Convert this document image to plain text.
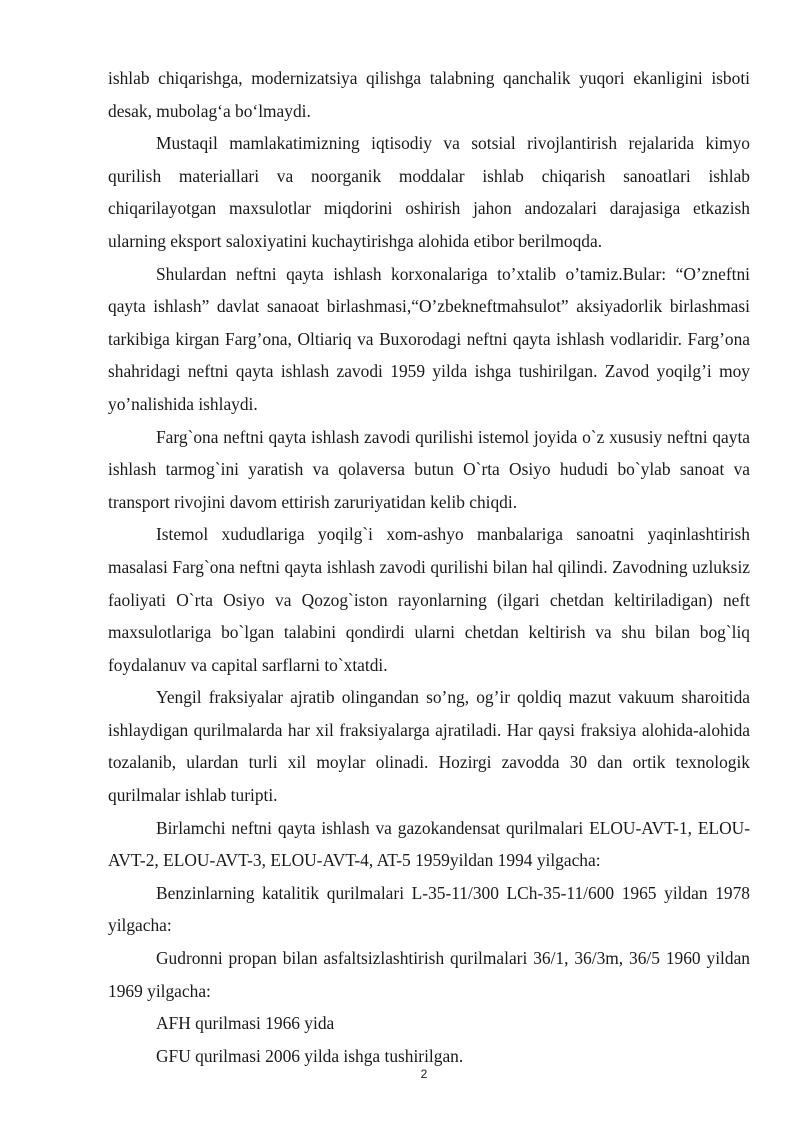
ishlab chiqarishga, modernizatsiya qilishga talabning qanchalik yuqori ekanligini isboti desak, mubolag‘a bo‘lmaydi.

Mustaqil mamlakatimizning iqtisodiy va sotsial rivojlantirish rejalarida kimyo qurilish materiallari va noorganik moddalar ishlab chiqarish sanoatlari ishlab chiqarilayotgan maxsulotlar miqdorini oshirish jahon andozalari darajasiga etkazish ularning eksport saloxiyatini kuchaytirishga alohida etibor berilmoqda.

Shulardan neftni qayta ishlash korxonalariga to’xtalib o’tamiz.Bular: “O’zneftni qayta ishlash” davlat sanaoat birlashmasi,“O’zbekneftmahsulot” aksiyadorlik birlashmasi tarkibiga kirgan Farg’ona, Oltiariq va Buxorodagi neftni qayta ishlash vodlaridir. Farg’ona shahridagi neftni qayta ishlash zavodi 1959 yilda ishga tushirilgan. Zavod yoqilg’i moy yo’nalishida ishlaydi.

Farg`ona neftni qayta ishlash zavodi qurilishi istemol joyida o`z xususiy neftni qayta ishlash tarmog`ini yaratish va qolaversa butun O`rta Osiyo hududi bo`ylab sanoat va transport rivojini davom ettirish zaruriyatidan kelib chiqdi.

Istemol xududlariga yoqilg`i xom-ashyo manbalariga sanoatni yaqinlashtirish masalasi Farg`ona neftni qayta ishlash zavodi qurilishi bilan hal qilindi. Zavodning uzluksiz faoliyati O`rta Osiyo va Qozog`iston rayonlarning (ilgari chetdan keltiriladigan) neft maxsulotlariga bo`lgan talabini qondirdi ularni chetdan keltirish va shu bilan bog`liq foydalanuv va capital sarflarni to`xtatdi.

Yengil fraksiyalar ajratib olingandan so’ng, og’ir qoldiq mazut vakuum sharoitida ishlaydigan qurilmalarda har xil fraksiyalarga ajratiladi. Har qaysi fraksiya alohida-alohida tozalanib, ulardan turli xil moylar olinadi. Hozirgi zavodda 30 dan ortik texnologik qurilmalar ishlab turipti.

Birlamchi neftni qayta ishlash va gazokandensat qurilmalari ELOU-AVT-1, ELOU-AVT-2, ELOU-AVT-3, ELOU-AVT-4, AT-5 1959yildan 1994 yilgacha:

Benzinlarning katalitik qurilmalari L-35-11/300 LCh-35-11/600 1965 yildan 1978 yilgacha:

Gudronni propan bilan asfaltsizlashtirish qurilmalari 36/1, 36/3m, 36/5 1960 yildan 1969 yilgacha:

AFH qurilmasi 1966 yida

GFU qurilmasi 2006 yilda ishga tushirilgan.

2
